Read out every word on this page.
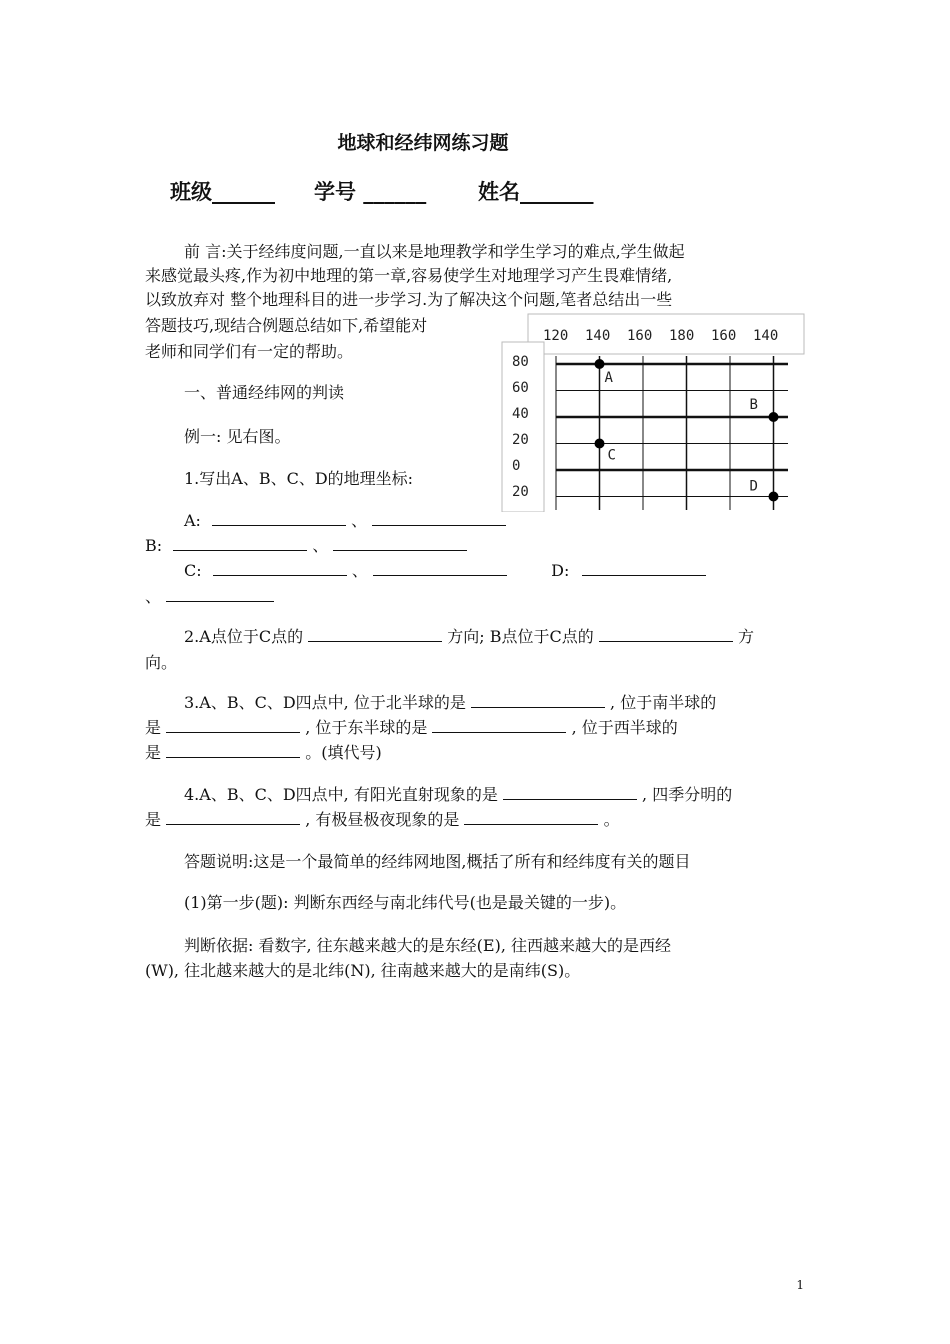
地球和经纬网练习题
班级______ 学号 ______ 姓名_______
前 言:关于经纬度问题,一直以来是地理教学和学生学习的难点,学生做起
来感觉最头疼,作为初中地理的第一章,容易使学生对地理学习产生畏难情绪,
以致放弃对 整个地理科目的进一步学习.为了解决这个问题,笔者总结出一些
答题技巧,现结合例题总结如下,希望能对
老师和同学们有一定的帮助。
一、普通经纬网的判读
例一: 见右图。
1.写出A、B、C、D的地理坐标:
A:	、
B:	、
C:	、	D:
、
2.A点位于C点的	方向; B点位于C点的	方
向。
3.A、B、C、D四点中, 位于北半球的是	, 位于南半球的
是	, 位于东半球的是	, 位于西半球的
是	。(填代号)
4.A、B、C、D四点中, 有阳光直射现象的是	, 四季分明的
是	, 有极昼极夜现象的是	。
答题说明:这是一个最简单的经纬网地图,概括了所有和经纬度有关的题目
(1)第一步(题): 判断东西经与南北纬代号(也是最关键的一步)。
判断依据: 看数字, 往东越来越大的是东经(E), 往西越来越大的是西经
(W), 往北越来越大的是北纬(N), 往南越来越大的是南纬(S)。
1
120 140 160 180 160 140
80
60
40
20
0
20
A
B
C
D
